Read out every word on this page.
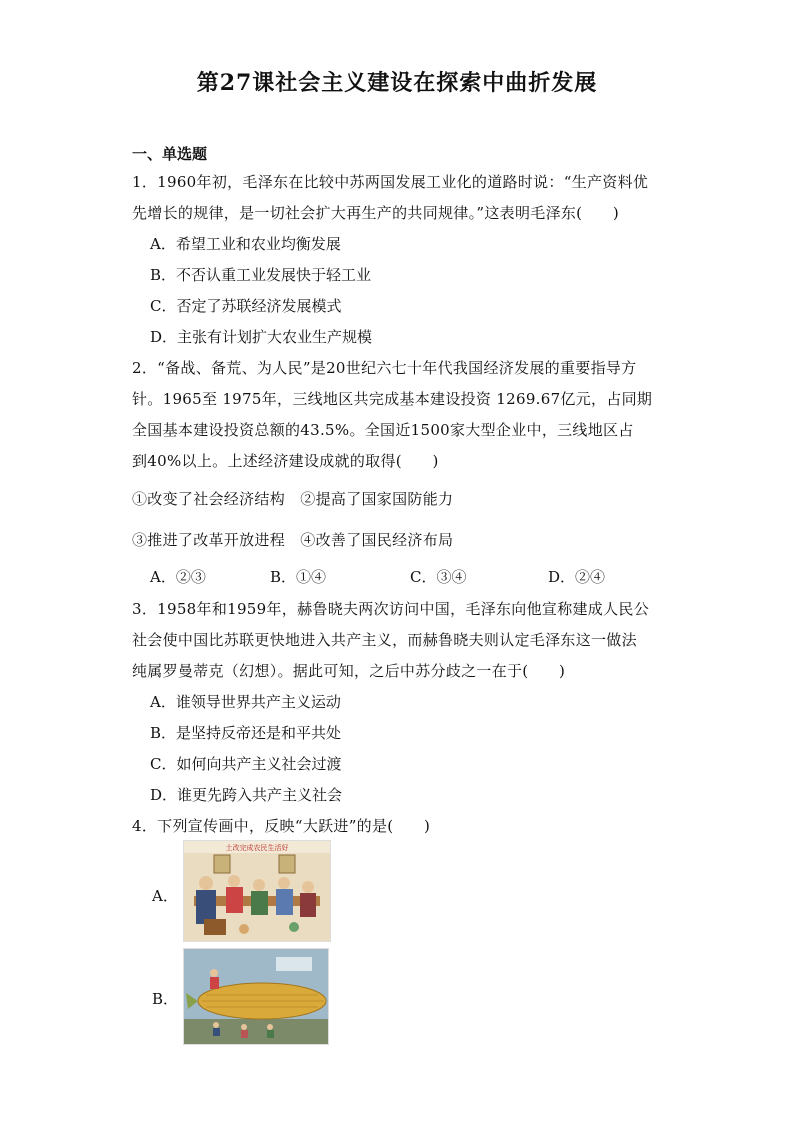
第27课社会主义建设在探索中曲折发展
一、单选题
1．1960年初，毛泽东在比较中苏两国发展工业化的道路时说：“生产资料优
先增长的规律，是一切社会扩大再生产的共同规律。”这表明毛泽东(　　)
A．希望工业和农业均衡发展
B．不否认重工业发展快于轻工业
C．否定了苏联经济发展模式
D．主张有计划扩大农业生产规模
2．“备战、备荒、为人民”是20世纪六七十年代我国经济发展的重要指导方
针。1965至 1975年，三线地区共完成基本建设投资 1269.67亿元，占同期
全国基本建设投资总额的43.5%。全国近1500家大型企业中，三线地区占
到40%以上。上述经济建设成就的取得(　　)
①改变了社会经济结构　②提高了国家国防能力
③推进了改革开放进程　④改善了国民经济布局
A．②③	B．①④	C．③④	D．②④
3．1958年和1959年，赫鲁晓夫两次访问中国，毛泽东向他宣称建成人民公
社会使中国比苏联更快地进入共产主义，而赫鲁晓夫则认定毛泽东这一做法
纯属罗曼蒂克（幻想）。据此可知，之后中苏分歧之一在于(　　)
A．谁领导世界共产主义运动
B．是坚持反帝还是和平共处
C．如何向共产主义社会过渡
D．谁更先跨入共产主义社会
4．下列宣传画中，反映“大跃进”的是(　　)
A．
土改完成农民生活好
B．
